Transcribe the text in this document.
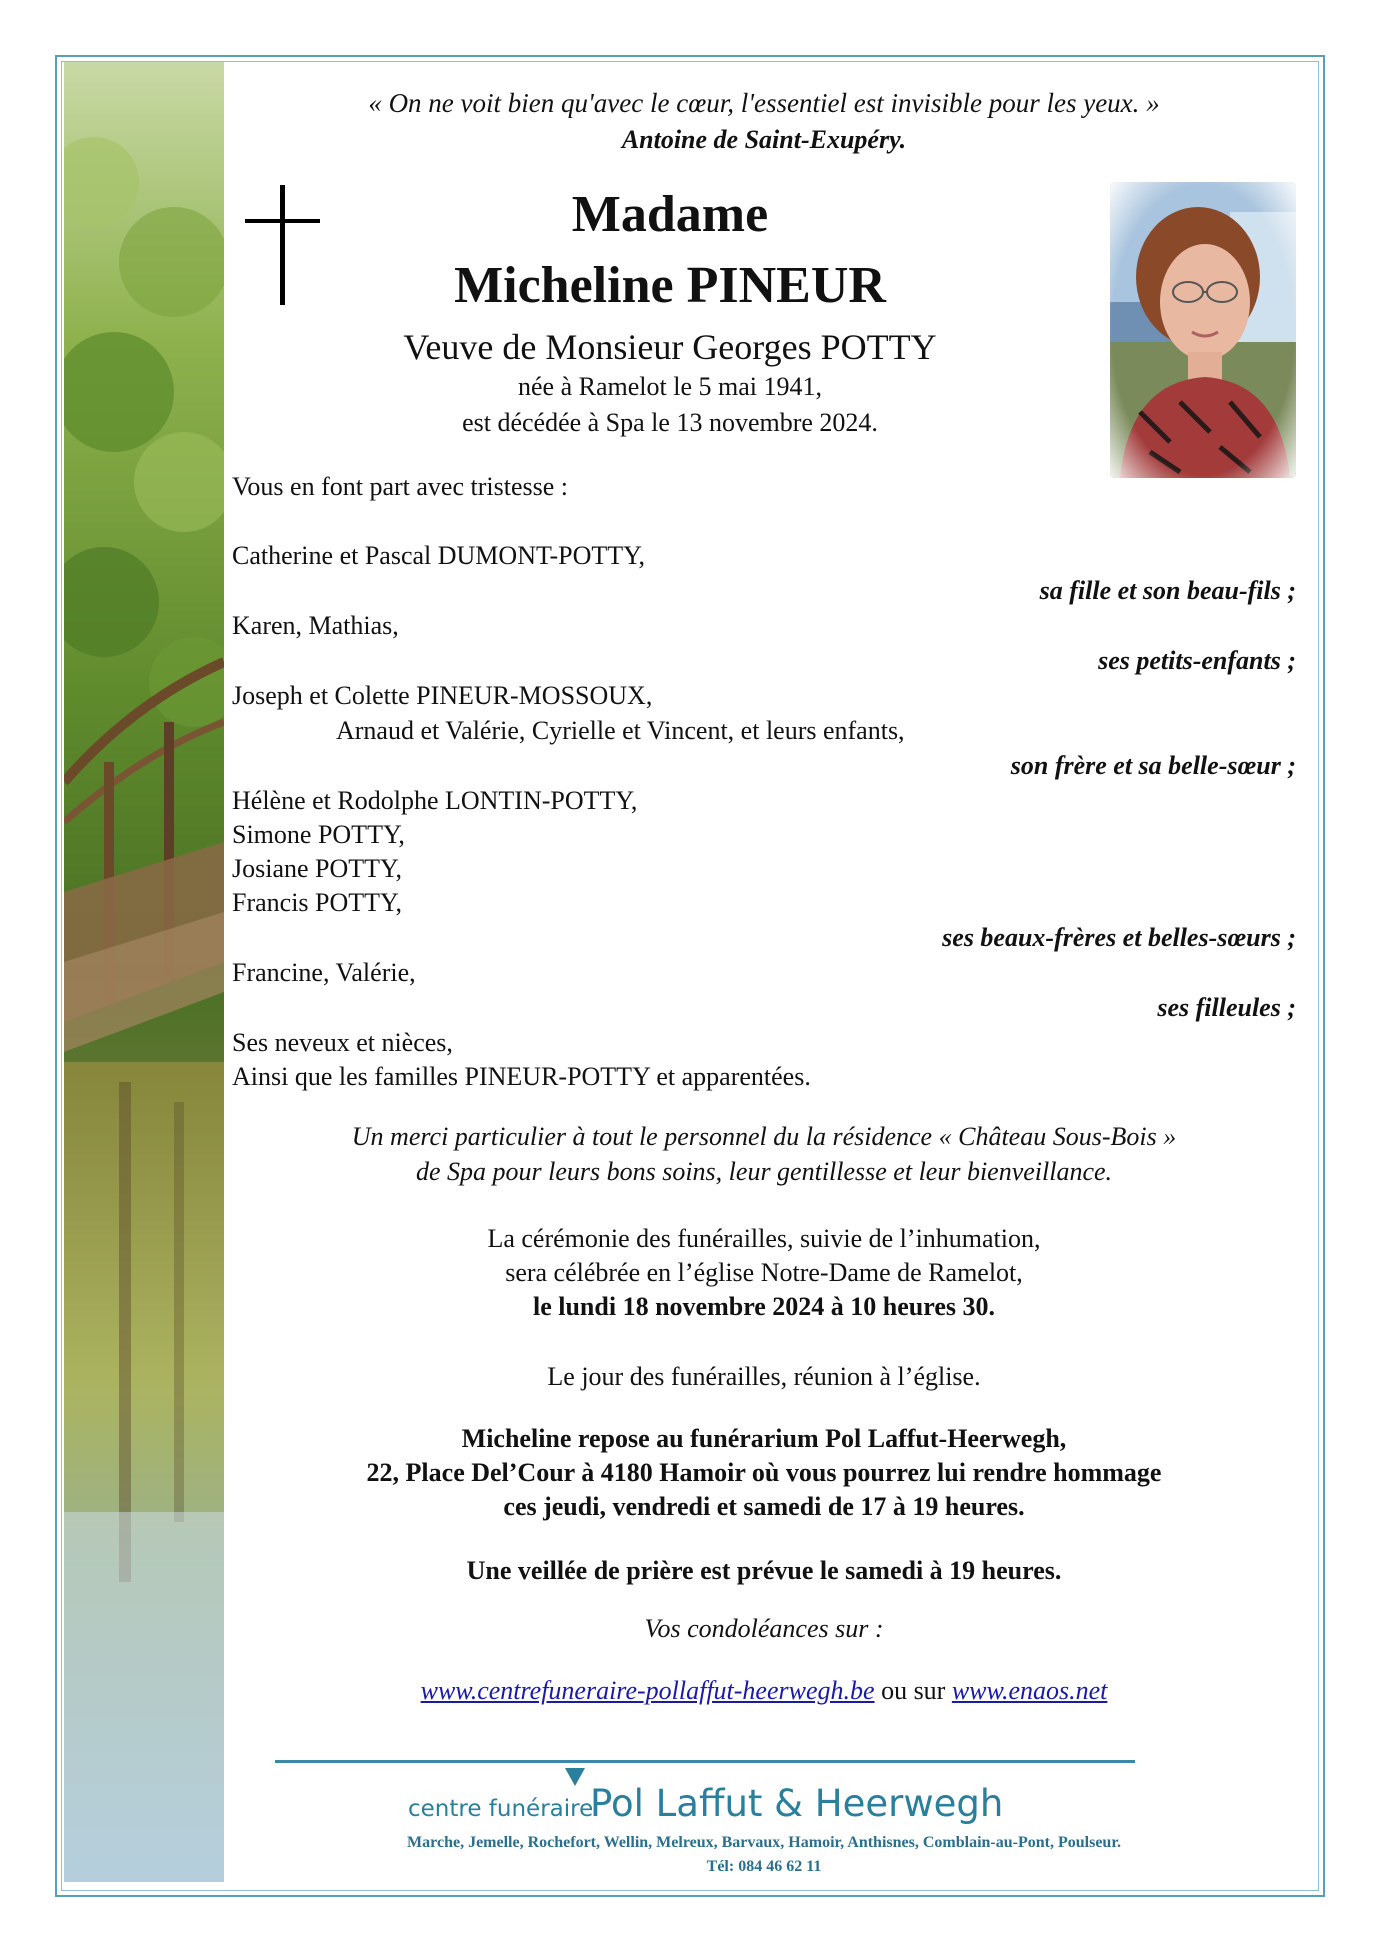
« On ne voit bien qu'avec le cœur, l'essentiel est invisible pour les yeux. »
Antoine de Saint-Exupéry.
Madame
Micheline PINEUR
Veuve de Monsieur Georges POTTY
née à Ramelot le 5 mai 1941,
est décédée à Spa le 13 novembre 2024.
Vous en font part avec tristesse :
Catherine et Pascal DUMONT-POTTY,
sa fille et son beau-fils ;
Karen, Mathias,
ses petits-enfants ;
Joseph et Colette PINEUR-MOSSOUX,
Arnaud et Valérie, Cyrielle et Vincent, et leurs enfants,
son frère et sa belle-sœur ;
Hélène et Rodolphe LONTIN-POTTY,
Simone POTTY,
Josiane POTTY,
Francis POTTY,
ses beaux-frères et belles-sœurs ;
Francine, Valérie,
ses filleules ;
Ses neveux et nièces,
Ainsi que les familles PINEUR-POTTY et apparentées.
Un merci particulier à tout le personnel du la résidence « Château Sous-Bois »
de Spa pour leurs bons soins, leur gentillesse et leur bienveillance.
La cérémonie des funérailles, suivie de l’inhumation,
sera célébrée en l’église Notre-Dame de Ramelot,
le lundi 18 novembre 2024 à 10 heures 30.
Le jour des funérailles, réunion à l’église.
Micheline repose au funérarium Pol Laffut-Heerwegh,
22, Place Del’Cour à 4180 Hamoir où vous pourrez lui rendre hommage
ces jeudi, vendredi et samedi de 17 à 19 heures.
Une veillée de prière est prévue le samedi à 19 heures.
Vos condoléances sur :
www.centrefuneraire-pollaffut-heerwegh.be ou sur www.enaos.net
centre funéraire
Pol Laffut & Heerwegh
Marche, Jemelle, Rochefort, Wellin, Melreux, Barvaux, Hamoir, Anthisnes, Comblain-au-Pont, Poulseur.
Tél: 084 46 62 11
